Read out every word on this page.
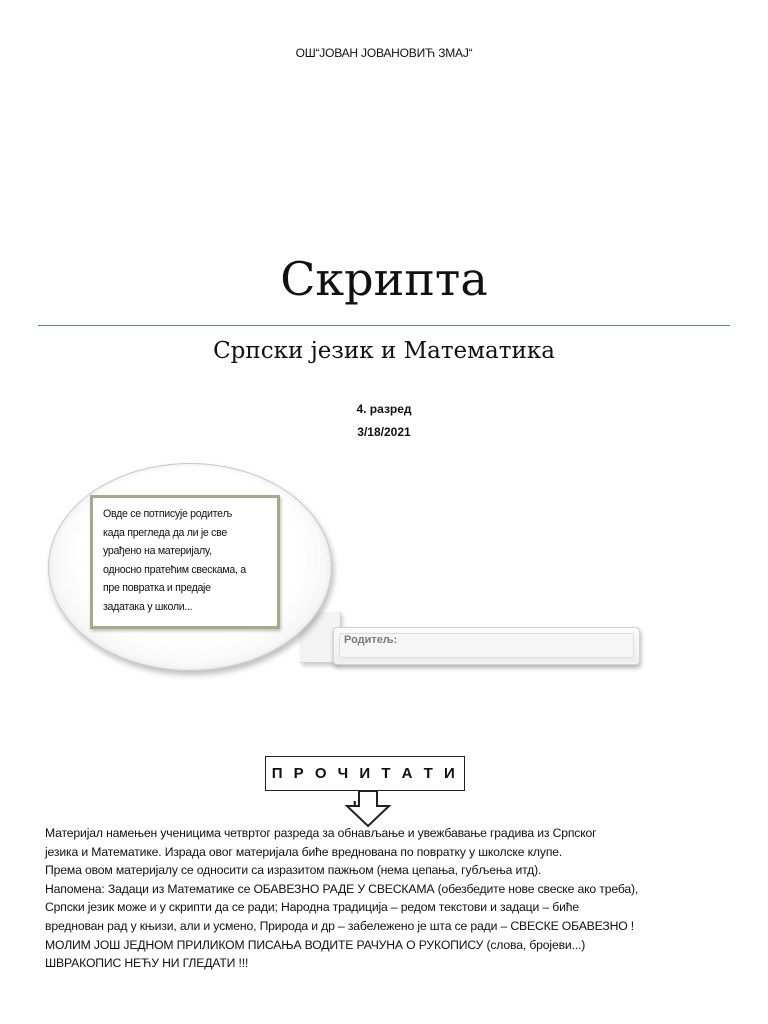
ОШ“ЈОВАН ЈОВАНОВИЋ ЗМАЈ“
Скрипта
Српски језик и Математика
4. разред
3/18/2021
Овде се потписује родитељ
када прегледа да ли је све
урађено на материјалу,
односно пратећим свескама, а
пре повратка и предаје
задатака у школи...
Родитељ:
П Р О Ч И Т А Т И
Материјал намењен ученицима четвртог разреда за обнављање и увежбавање градива из Српског
језика и Математике. Израда овог материјала биће вреднована по повратку у школске клупе.
Према овом материјалу се односити са изразитом пажњом (нема цепања, губљења итд).
Напомена: Задаци из Математике се ОБАВЕЗНО РАДЕ У СВЕСКАМА (обезбедите нове свеске ако треба),
Српски језик може и у скрипти да се ради; Народна традиција – редом текстови и задаци – биће
вреднован рад у књизи, али и усмено, Природа и др – забележено је шта се ради – СВЕСКЕ ОБАВЕЗНО !
МОЛИМ ЈОШ ЈЕДНОМ ПРИЛИКОМ ПИСАЊА ВОДИТЕ РАЧУНА О РУКОПИСУ (слова, бројеви...)
ШВРАКОПИС НЕЋУ НИ ГЛЕДАТИ !!!
